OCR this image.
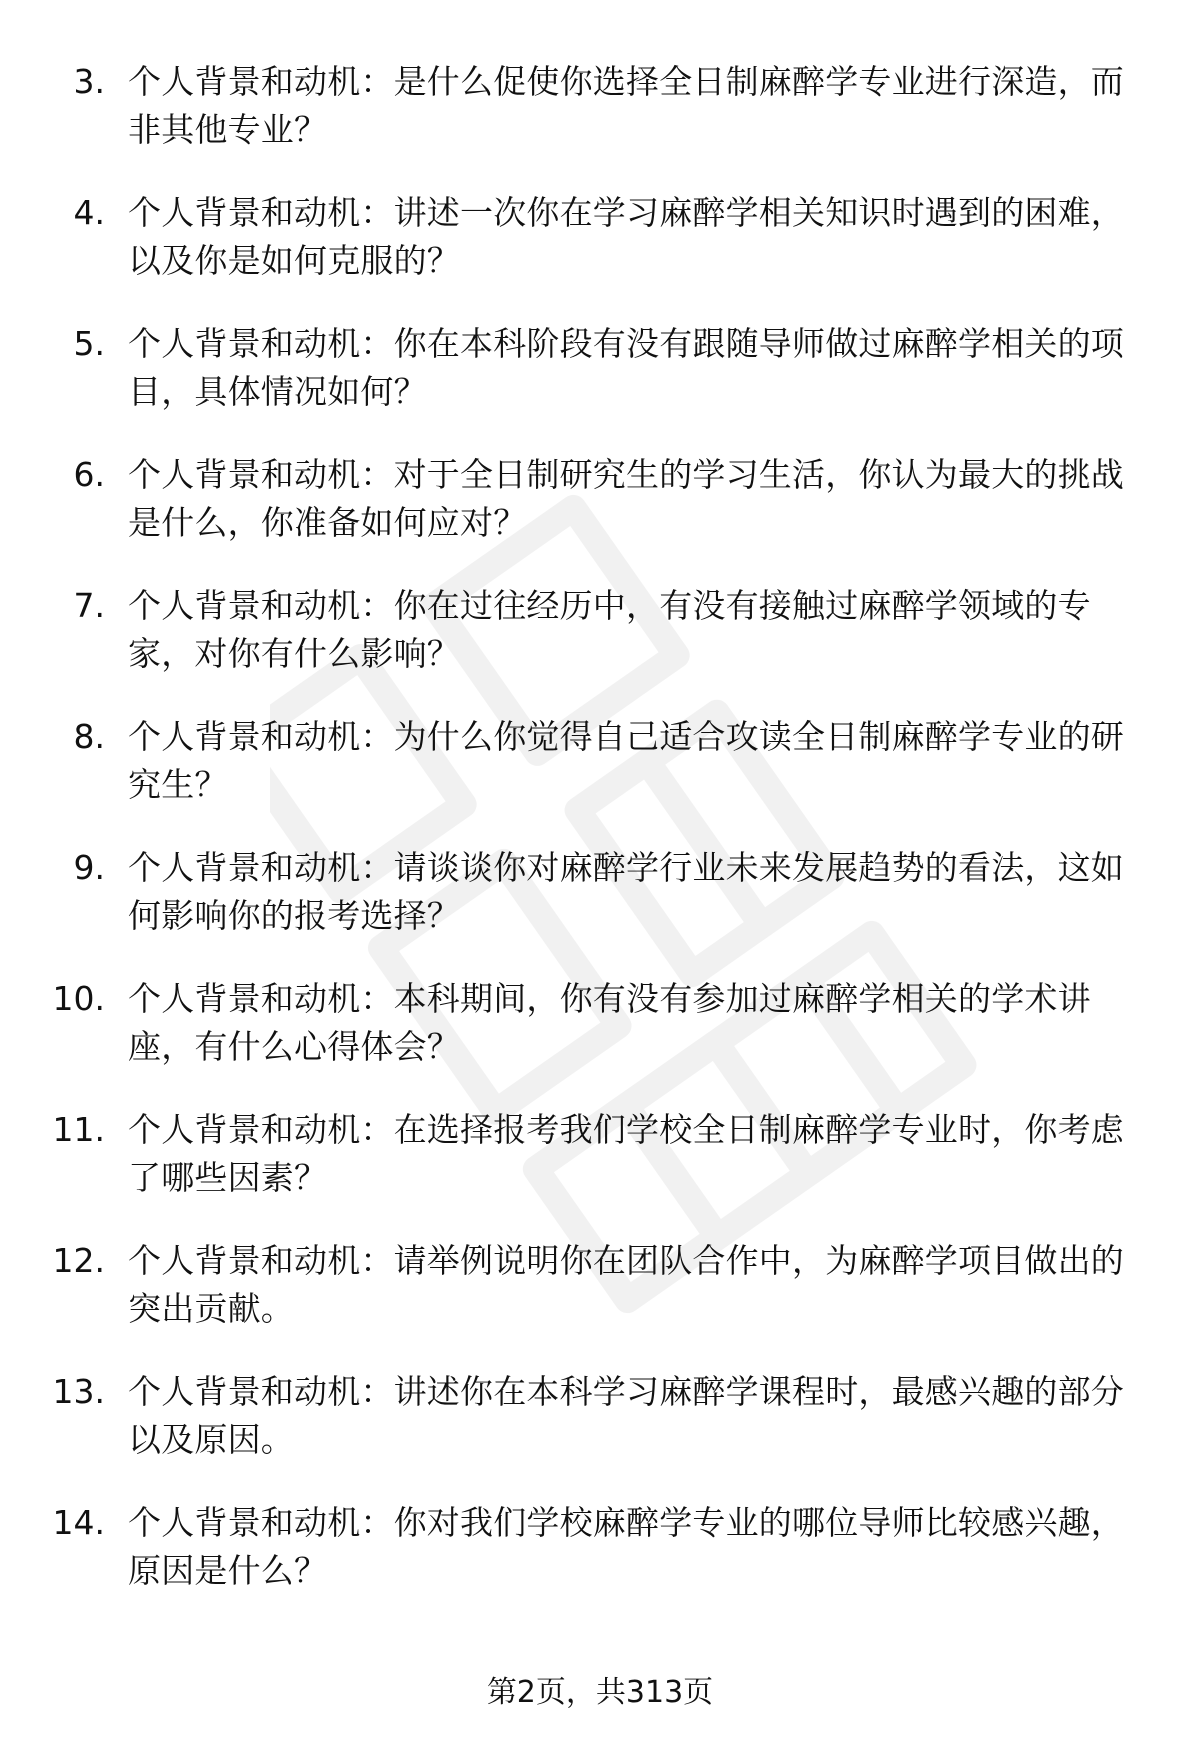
3. 个人背景和动机：是什么促使你选择全日制麻醉学专业进行深造，而非其他专业？
4. 个人背景和动机：讲述一次你在学习麻醉学相关知识时遇到的困难，以及你是如何克服的？
5. 个人背景和动机：你在本科阶段有没有跟随导师做过麻醉学相关的项目，具体情况如何？
6. 个人背景和动机：对于全日制研究生的学习生活，你认为最大的挑战是什么，你准备如何应对？
7. 个人背景和动机：你在过往经历中，有没有接触过麻醉学领域的专家，对你有什么影响？
8. 个人背景和动机：为什么你觉得自己适合攻读全日制麻醉学专业的研究生？
9. 个人背景和动机：请谈谈你对麻醉学行业未来发展趋势的看法，这如何影响你的报考选择？
10. 个人背景和动机：本科期间，你有没有参加过麻醉学相关的学术讲座，有什么心得体会？
11. 个人背景和动机：在选择报考我们学校全日制麻醉学专业时，你考虑了哪些因素？
12. 个人背景和动机：请举例说明你在团队合作中，为麻醉学项目做出的突出贡献。
13. 个人背景和动机：讲述你在本科学习麻醉学课程时，最感兴趣的部分以及原因。
14. 个人背景和动机：你对我们学校麻醉学专业的哪位导师比较感兴趣，原因是什么？
第2页，共313页
